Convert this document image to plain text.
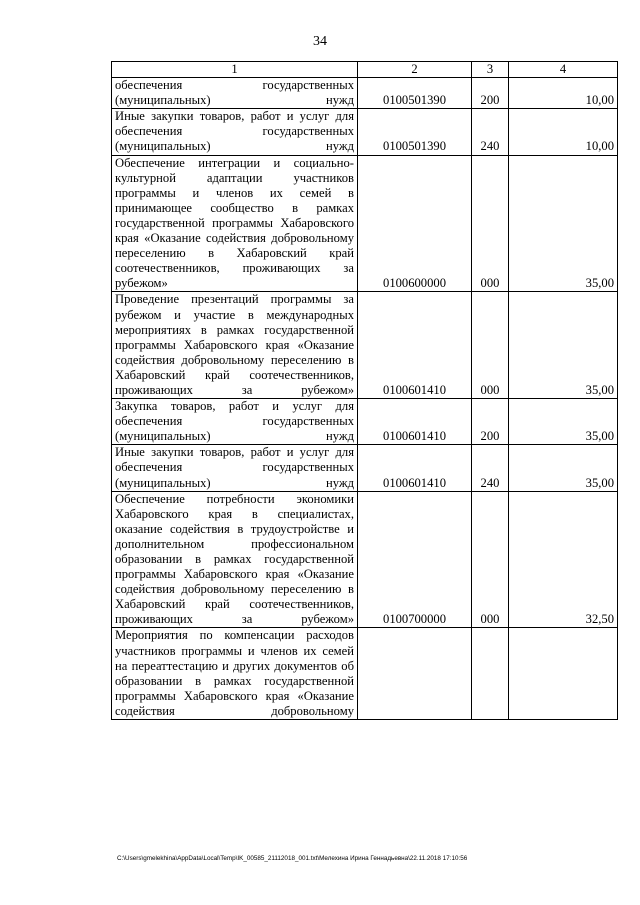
34
1	2	3	4
обеспечения государственных (муниципальных) нужд	0100501390	200	10,00
Иные закупки товаров, работ и услуг для обеспечения государственных (муниципальных) нужд	0100501390	240	10,00
Обеспечение интеграции и социально-культурной адаптации участников программы и членов их семей в принимающее сообщество в рамках государственной программы Хабаровского края «Оказание содействия добровольному переселению в Хабаровский край соотечественников, проживающих за рубежом»	0100600000	000	35,00
Проведение презентаций программы за рубежом и участие в международных мероприятиях в рамках государственной программы Хабаровского края «Оказание содействия добровольному переселению в Хабаровский край соотечественников, проживающих за рубежом»	0100601410	000	35,00
Закупка товаров, работ и услуг для обеспечения государственных (муниципальных) нужд	0100601410	200	35,00
Иные закупки товаров, работ и услуг для обеспечения государственных (муниципальных) нужд	0100601410	240	35,00
Обеспечение потребности экономики Хабаровского края в специалистах, оказание содействия в трудоустройстве и дополнительном профессиональном образовании в рамках государственной программы Хабаровского края «Оказание содействия добровольному переселению в Хабаровский край соотечественников, проживающих за рубежом»	0100700000	000	32,50
Мероприятия по компенсации расходов участников программы и членов их семей на переаттестацию и других документов об образовании в рамках государственной программы Хабаровского края «Оказание содействия добровольному			
C:\Users\gmelekhina\AppData\Local\Temp\IK_00585_21112018_001.txt\Мелехина Ирина Геннадьевна\22.11.2018 17:10:56
